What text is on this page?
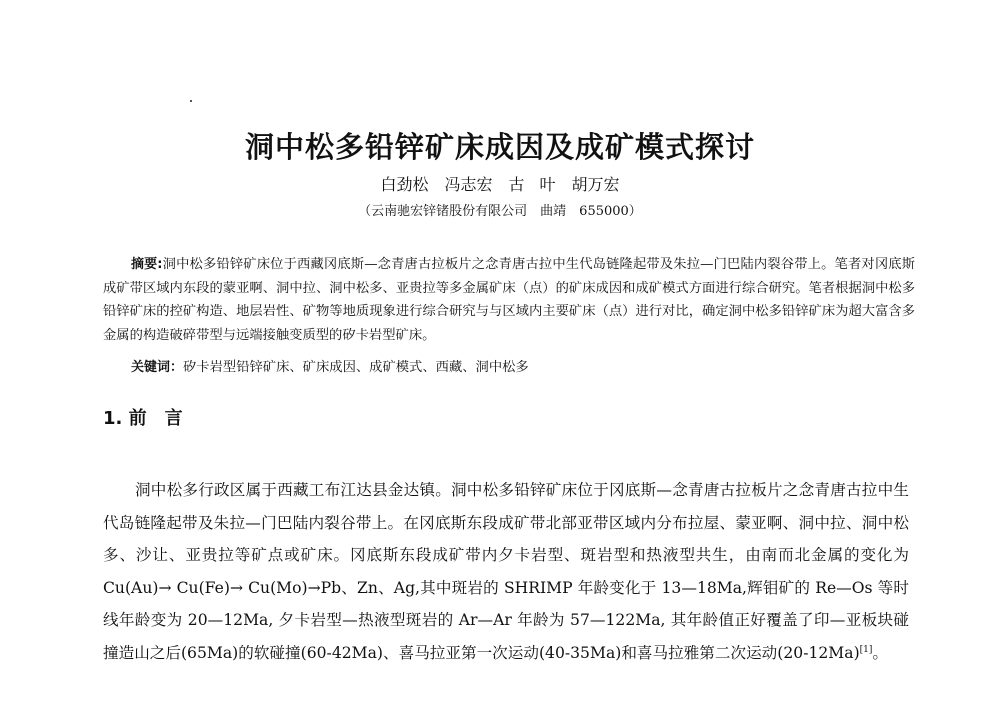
洞中松多铅锌矿床成因及成矿模式探讨
白劲松　冯志宏　古 叶　胡万宏
（云南驰宏锌锗股份有限公司　曲靖　655000）

摘要:洞中松多铅锌矿床位于西藏冈底斯—念青唐古拉板片之念青唐古拉中生代岛链隆起带及朱拉—门巴陆内裂谷带上。笔者对冈底斯成矿带区域内东段的蒙亚啊、洞中拉、洞中松多、亚贵拉等多金属矿床（点）的矿床成因和成矿模式方面进行综合研究。笔者根据洞中松多铅锌矿床的控矿构造、地层岩性、矿物等地质现象进行综合研究与与区域内主要矿床（点）进行对比，确定洞中松多铅锌矿床为超大富含多金属的构造破碎带型与远端接触变质型的矽卡岩型矿床。

关键词：矽卡岩型铅锌矿床、矿床成因、成矿模式、西藏、洞中松多

1. 前　言

洞中松多行政区属于西藏工布江达县金达镇。洞中松多铅锌矿床位于冈底斯—念青唐古拉板片之念青唐古拉中生代岛链隆起带及朱拉—门巴陆内裂谷带上。在冈底斯东段成矿带北部亚带区域内分布拉屋、蒙亚啊、洞中拉、洞中松多、沙让、亚贵拉等矿点或矿床。冈底斯东段成矿带内夕卡岩型、斑岩型和热液型共生，由南而北金属的变化为 Cu(Au)→ Cu(Fe)→ Cu(Mo)→Pb、Zn、Ag,其中斑岩的 SHRIMP 年龄变化于 13—18Ma,辉钼矿的 Re—Os 等时线年龄变为 20—12Ma, 夕卡岩型—热液型斑岩的 Ar—Ar 年龄为 57—122Ma, 其年龄值正好覆盖了印—亚板块碰撞造山之后(65Ma)的软碰撞(60-42Ma)、喜马拉亚第一次运动(40-35Ma)和喜马拉雅第二次运动(20-12Ma)[1]。
